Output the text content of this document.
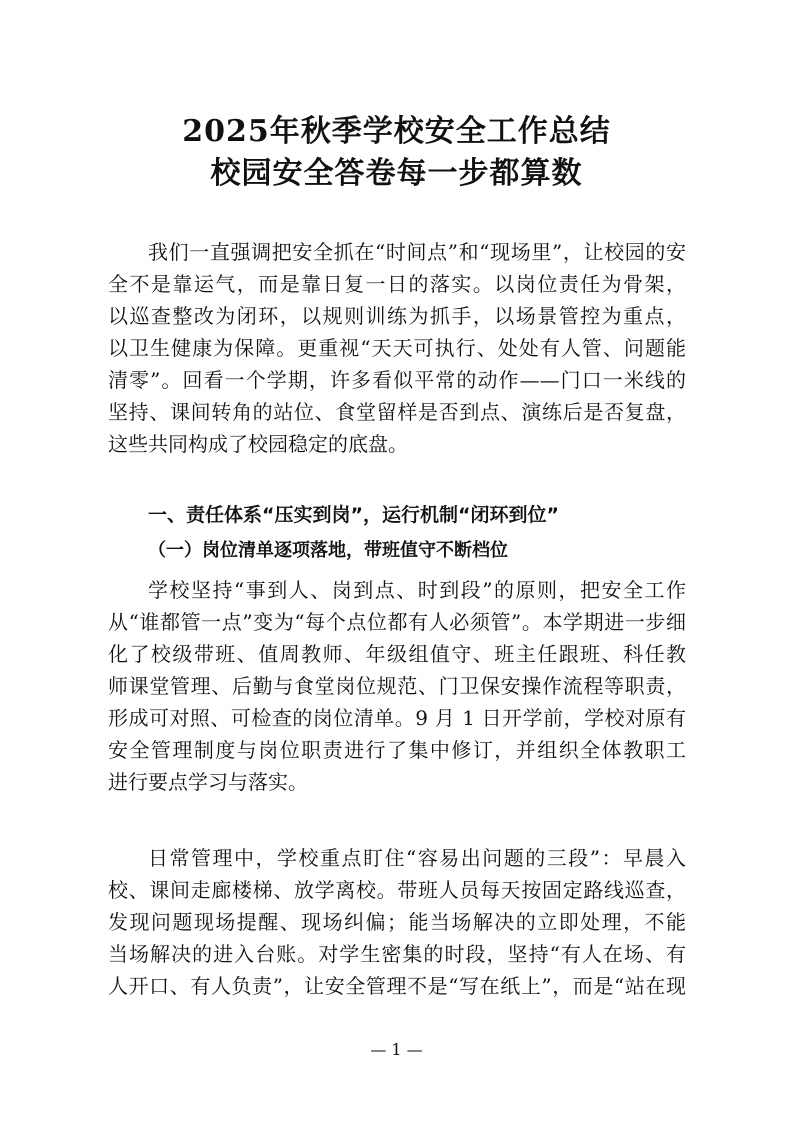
2025年秋季学校安全工作总结
校园安全答卷每一步都算数
我们一直强调把安全抓在“时间点”和“现场里”，让校园的安
全不是靠运气，而是靠日复一日的落实。以岗位责任为骨架，
以巡查整改为闭环，以规则训练为抓手，以场景管控为重点，
以卫生健康为保障。更重视“天天可执行、处处有人管、问题能
清零”。回看一个学期，许多看似平常的动作——门口一米线的
坚持、课间转角的站位、食堂留样是否到点、演练后是否复盘，
这些共同构成了校园稳定的底盘。
一、责任体系“压实到岗”，运行机制“闭环到位”
（一）岗位清单逐项落地，带班值守不断档位
学校坚持“事到人、岗到点、时到段”的原则，把安全工作
从“谁都管一点”变为“每个点位都有人必须管”。本学期进一步细
化了校级带班、值周教师、年级组值守、班主任跟班、科任教
师课堂管理、后勤与食堂岗位规范、门卫保安操作流程等职责，
形成可对照、可检查的岗位清单。9 月 1 日开学前，学校对原有
安全管理制度与岗位职责进行了集中修订，并组织全体教职工
进行要点学习与落实。
日常管理中，学校重点盯住“容易出问题的三段”：早晨入
校、课间走廊楼梯、放学离校。带班人员每天按固定路线巡查，
发现问题现场提醒、现场纠偏；能当场解决的立即处理，不能
当场解决的进入台账。对学生密集的时段，坚持“有人在场、有
人开口、有人负责”，让安全管理不是“写在纸上”，而是“站在现
— 1 —
